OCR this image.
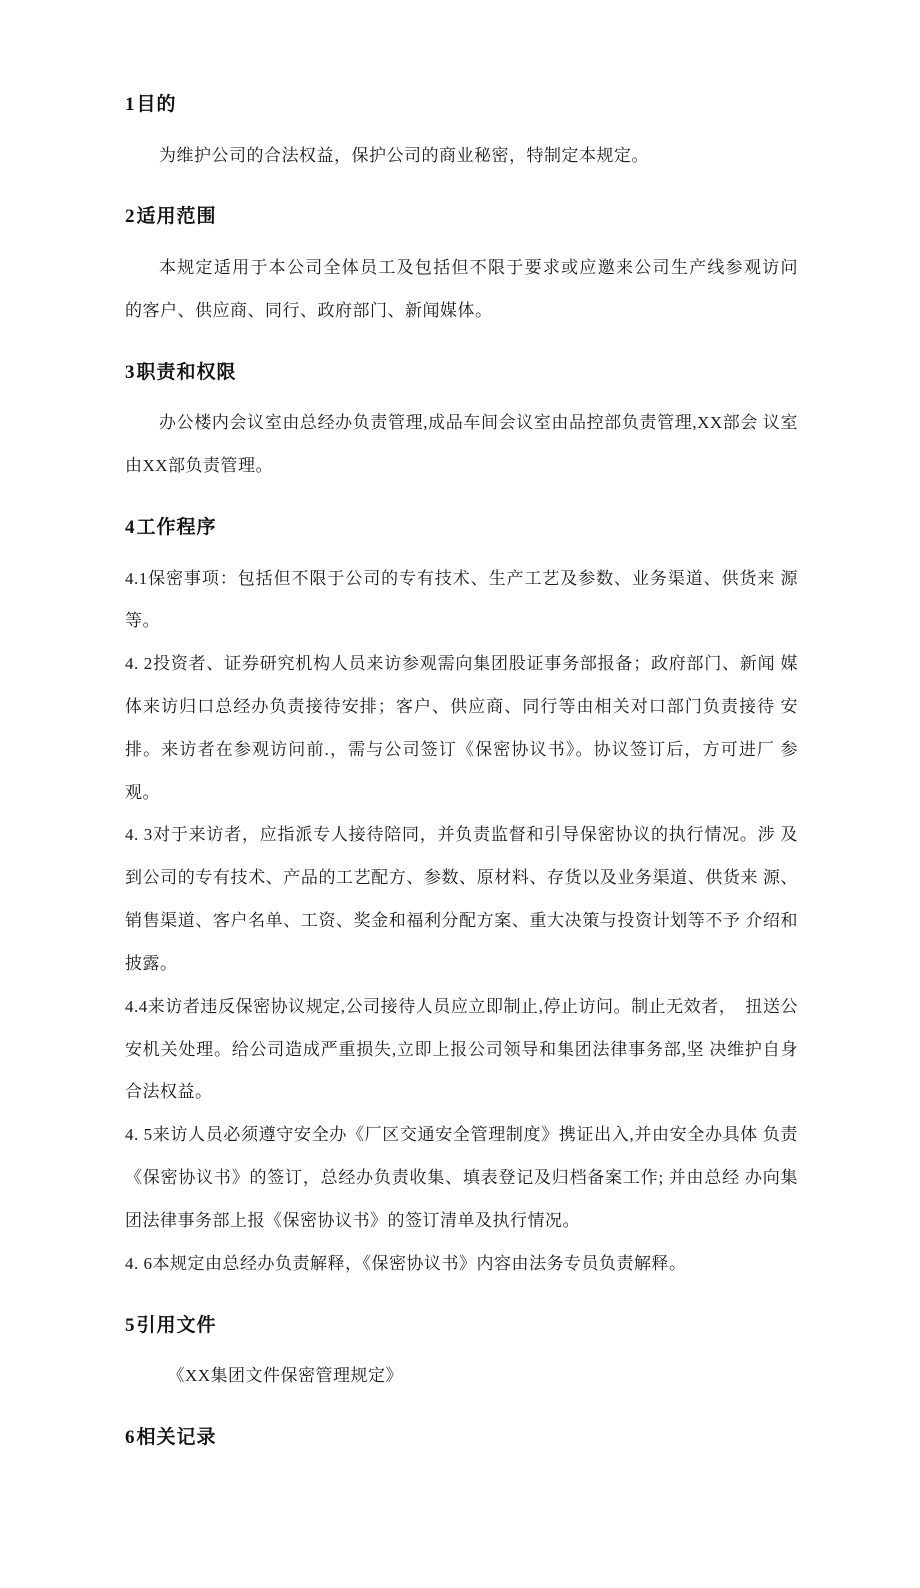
1目的

为维护公司的合法权益，保护公司的商业秘密，特制定本规定。

2适用范围

本规定适用于本公司全体员工及包括但不限于要求或应邀来公司生产线参观访问　的客户、供应商、同行、政府部门、新闻媒体。

3职责和权限

办公楼内会议室由总经办负责管理,成品车间会议室由品控部负责管理,XX部会 议室由XX部负责管理。

4工作程序

4.1保密事项：包括但不限于公司的专有技术、生产工艺及参数、业务渠道、供货来 源等。

4. 2投资者、证券研究机构人员来访参观需向集团股证事务部报备；政府部门、新闻 媒体来访归口总经办负责接待安排；客户、供应商、同行等由相关对口部门负责接待 安排。来访者在参观访问前.，需与公司签订《保密协议书》。协议签订后，方可进厂 参观。

4. 3对于来访者，应指派专人接待陪同，并负责监督和引导保密协议的执行情况。涉 及到公司的专有技术、产品的工艺配方、参数、原材料、存货以及业务渠道、供货来 源、销售渠道、客户名单、工资、奖金和福利分配方案、重大决策与投资计划等不予 介绍和披露。

4.4来访者违反保密协议规定,公司接待人员应立即制止,停止访问。制止无效者，　扭送公安机关处理。给公司造成严重损失,立即上报公司领导和集团法律事务部,坚 决维护自身合法权益。

4. 5来访人员必须遵守安全办《厂区交通安全管理制度》携证出入,并由安全办具体 负责《保密协议书》的签订，总经办负责收集、填表登记及归档备案工作; 并由总经 办向集团法律事务部上报《保密协议书》的签订清单及执行情况。

4. 6本规定由总经办负责解释，《保密协议书》内容由法务专员负责解释。

5引用文件

《XX集团文件保密管理规定》

6相关记录
